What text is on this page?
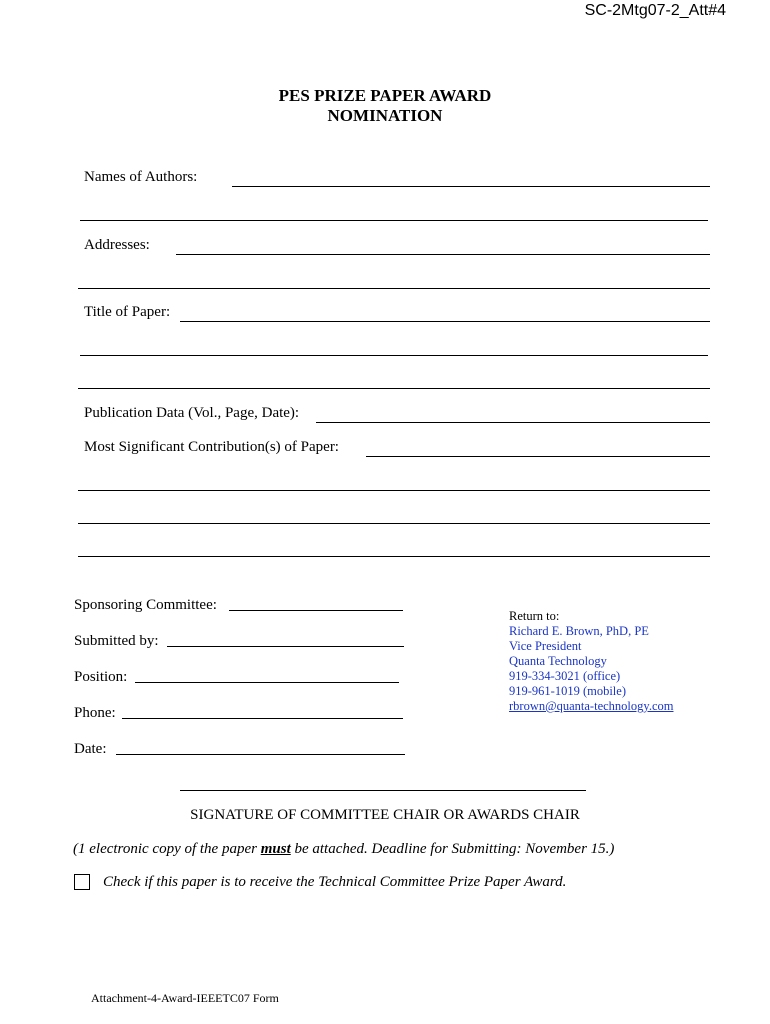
SC-2Mtg07-2_Att#4
PES PRIZE PAPER AWARD
NOMINATION
Names of Authors:
Addresses:
Title of Paper:
Publication Data (Vol., Page, Date):
Most Significant Contribution(s) of Paper:
Sponsoring Committee:
Submitted by:
Position:
Phone:
Date:
Return to:
Richard E. Brown, PhD, PE
Vice President
Quanta Technology
919-334-3021 (office)
919-961-1019 (mobile)
rbrown@quanta-technology.com
SIGNATURE OF COMMITTEE CHAIR OR AWARDS CHAIR
(1 electronic copy of the paper must be attached. Deadline for Submitting: November 15.)
Check if this paper is to receive the Technical Committee Prize Paper Award.
Attachment-4-Award-IEEETC07 Form
